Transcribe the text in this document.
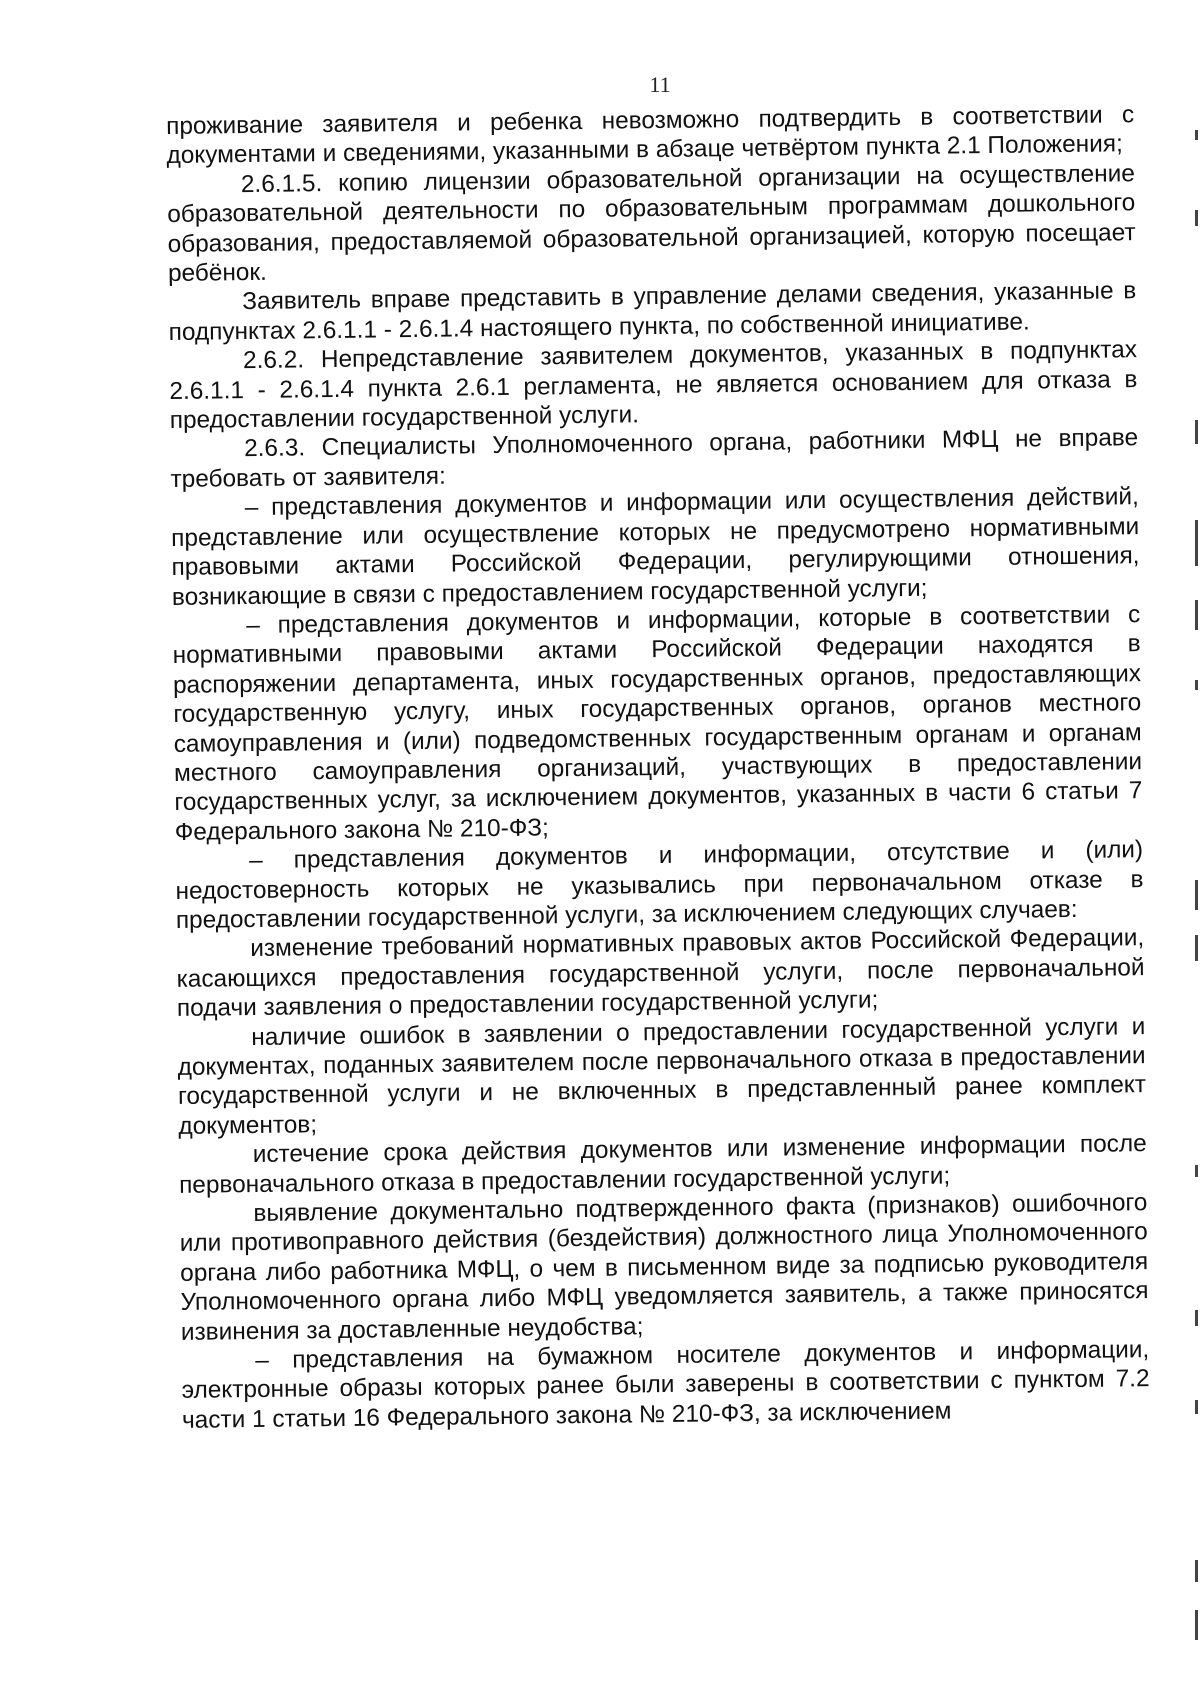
11

проживание заявителя и ребенка невозможно подтвердить в соответствии с документами и сведениями, указанными в абзаце четвёртом пункта 2.1 Положения;

2.6.1.5. копию лицензии образовательной организации на осуществление образовательной деятельности по образовательным программам дошкольного образования, предоставляемой образовательной организацией, которую посещает ребёнок.

Заявитель вправе представить в управление делами сведения, указанные в подпунктах 2.6.1.1 - 2.6.1.4 настоящего пункта, по собственной инициативе.

2.6.2. Непредставление заявителем документов, указанных в подпунктах 2.6.1.1 - 2.6.1.4 пункта 2.6.1 регламента, не является основанием для отказа в предоставлении государственной услуги.

2.6.3. Специалисты Уполномоченного органа, работники МФЦ не вправе требовать от заявителя:

– представления документов и информации или осуществления действий, представление или осуществление которых не предусмотрено нормативными правовыми актами Российской Федерации, регулирующими отношения, возникающие в связи с предоставлением государственной услуги;

– представления документов и информации, которые в соответствии с нормативными правовыми актами Российской Федерации находятся в распоряжении департамента, иных государственных органов, предоставляющих государственную услугу, иных государственных органов, органов местного самоуправления и (или) подведомственных государственным органам и органам местного самоуправления организаций, участвующих в предоставлении государственных услуг, за исключением документов, указанных в части 6 статьи 7 Федерального закона № 210-ФЗ;

– представления документов и информации, отсутствие и (или) недостоверность которых не указывались при первоначальном отказе в предоставлении государственной услуги, за исключением следующих случаев:

изменение требований нормативных правовых актов Российской Федерации, касающихся предоставления государственной услуги, после первоначальной подачи заявления о предоставлении государственной услуги;

наличие ошибок в заявлении о предоставлении государственной услуги и документах, поданных заявителем после первоначального отказа в предоставлении государственной услуги и не включенных в представленный ранее комплект документов;

истечение срока действия документов или изменение информации после первоначального отказа в предоставлении государственной услуги;

выявление документально подтвержденного факта (признаков) ошибочного или противоправного действия (бездействия) должностного лица Уполномоченного органа либо работника МФЦ, о чем в письменном виде за подписью руководителя Уполномоченного органа либо МФЦ уведомляется заявитель, а также приносятся извинения за доставленные неудобства;

– представления на бумажном носителе документов и информации, электронные образы которых ранее были заверены в соответствии с пунктом 7.2 части 1 статьи 16 Федерального закона № 210-ФЗ, за исключением
